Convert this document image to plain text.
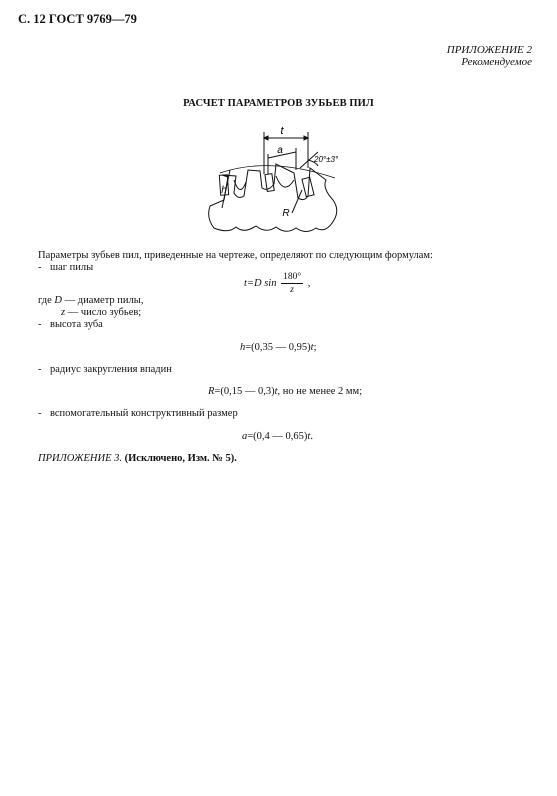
С. 12 ГОСТ 9769—79
ПРИЛОЖЕНИЕ 2
Рекомендуемое
РАСЧЕТ ПАРАМЕТРОВ ЗУБЬЕВ ПИЛ
t
a
h
R
20°±3°
Параметры зубьев пил, приведенные на чертеже, определяют по следующим формулам:
- шаг пилы
t=D $\sin \frac{180^\circ}{z}$ ,
где D — диаметр пилы,
z — число зубьев;
- высота зуба
h=(0,35 — 0,95)t;
- радиус закругления впадин
R=(0,15 — 0,3)t, но не менее 2 мм;
- вспомогательный конструктивный размер
a=(0,4 — 0,65)t.
ПРИЛОЖЕНИЕ 3. (Исключено, Изм. № 5).
